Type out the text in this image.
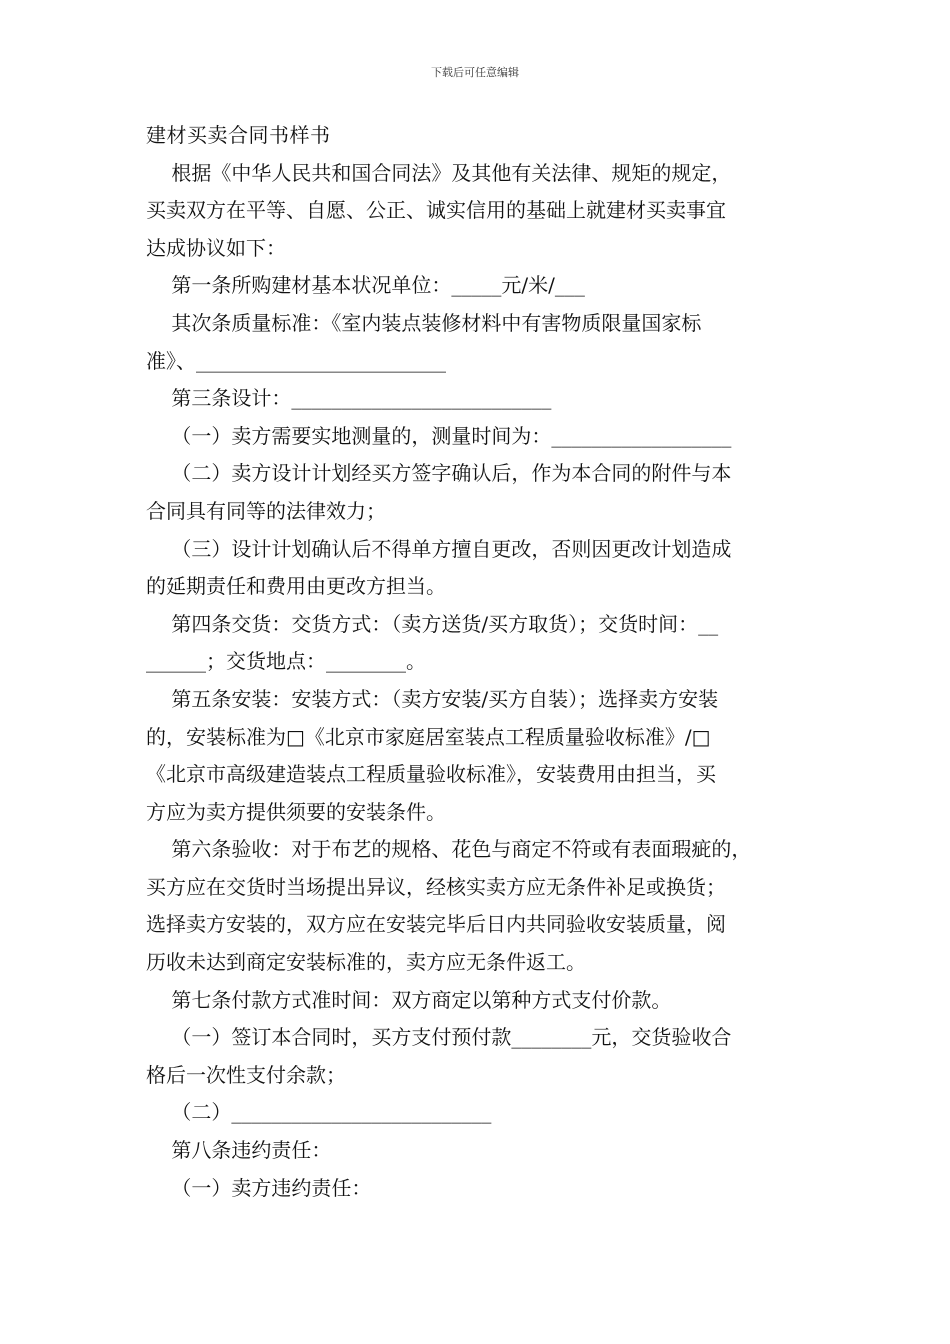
下载后可任意编辑
建材买卖合同书样书
根据《中华人民共和国合同法》及其他有关法律、规矩的规定，
买卖双方在平等、自愿、公正、诚实信用的基础上就建材买卖事宜
达成协议如下：
第一条所购建材基本状况单位：_____元/米/___
其次条质量标准：《室内装点装修材料中有害物质限量国家标
准》、_________________________
第三条设计：__________________________
（一）卖方需要实地测量的，测量时间为：__________________
（二）卖方设计计划经买方签字确认后，作为本合同的附件与本
合同具有同等的法律效力；
（三）设计计划确认后不得单方擅自更改，否则因更改计划造成
的延期责任和费用由更改方担当。
第四条交货：交货方式：（卖方送货/买方取货）；交货时间：__
______；交货地点：________。
第五条安装：安装方式：（卖方安装/买方自装）；选择卖方安装
的，安装标准为□《北京市家庭居室装点工程质量验收标准》/□
《北京市高级建造装点工程质量验收标准》，安装费用由担当，买
方应为卖方提供须要的安装条件。
第六条验收：对于布艺的规格、花色与商定不符或有表面瑕疵的，
买方应在交货时当场提出异议，经核实卖方应无条件补足或换货；
选择卖方安装的，双方应在安装完毕后日内共同验收安装质量，阅
历收未达到商定安装标准的，卖方应无条件返工。
第七条付款方式准时间：双方商定以第种方式支付价款。
（一）签订本合同时，买方支付预付款________元，交货验收合
格后一次性支付余款；
（二）__________________________
第八条违约责任：
（一）卖方违约责任：
